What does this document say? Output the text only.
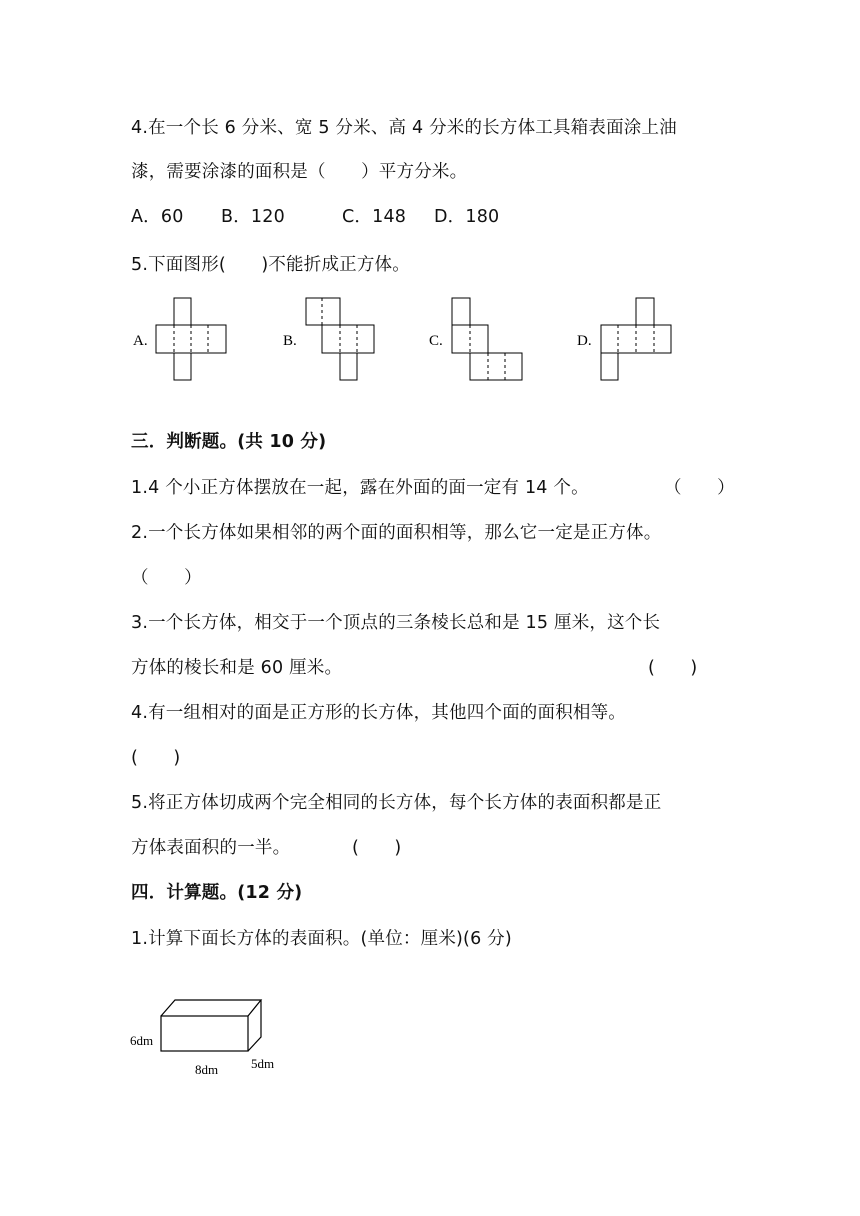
4.在一个长 6 分米、宽 5 分米、高 4 分米的长方体工具箱表面涂上油
漆，需要涂漆的面积是（　　）平方分米。
A．60 B．120	C．148 D．180
5.下面图形(　　)不能折成正方体。
A.	B.	C.	D.
三．判断题。(共 10 分)
1.4 个小正方体摆放在一起，露在外面的面一定有 14 个。	（　　）
2.一个长方体如果相邻的两个面的面积相等，那么它一定是正方体。
（　　）
3.一个长方体，相交于一个顶点的三条棱长总和是 15 厘米，这个长
方体的棱长和是 60 厘米。	(　　)
4.有一组相对的面是正方形的长方体，其他四个面的面积相等。
(　　)
5.将正方体切成两个完全相同的长方体，每个长方体的表面积都是正
方体表面积的一半。	(　　)
四．计算题。(12 分)
1.计算下面长方体的表面积。(单位：厘米)(6 分)
6dm
8dm	5dm
